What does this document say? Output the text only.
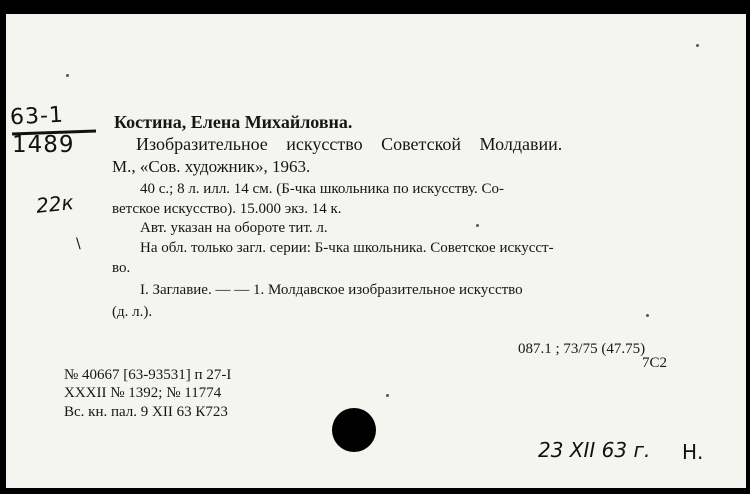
63-1
1489
22к
\
Костина, Елена Михайловна.
Изобразительное искусство Советской Молдавии.
М., «Сов. художник», 1963.
40 с.; 8 л. илл. 14 см. (Б-чка школьника по искусству. Со-
ветское искусство). 15.000 экз. 14 к.
Авт. указан на обороте тит. л.
На обл. только загл. серии: Б-чка школьника. Советское искусст-
во.
I. Заглавие. — — 1. Молдавское изобразительное искусство
(д. л.).
087.1 ; 73/75 (47.75)
7С2
№ 40667 [63-93531] п 27-I
ХХХII № 1392; № 11774
Вс. кн. пал. 9 XII 63 К723
23 XII 63 г. Н.
